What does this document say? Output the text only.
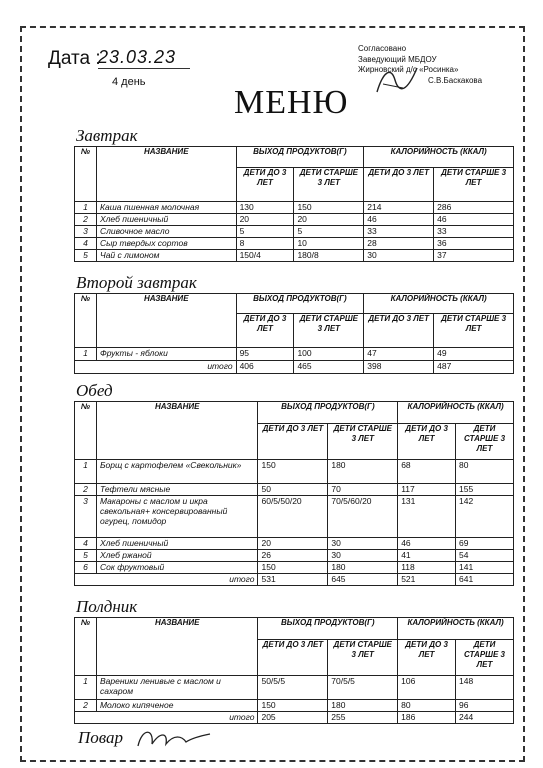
Дата :
23.03.23
4 день
Согласовано
Заведующий МБДОУ
Жирновский д/с «Росинка»
С.В.Баскакова
МЕНЮ
Завтрак
№	НАЗВАНИЕ	ВЫХОД ПРОДУКТОВ(Г)		КАЛОРИЙНОСТЬ (ККАЛ)	
		ДЕТИ ДО 3 ЛЕТ	ДЕТИ СТАРШЕ 3 ЛЕТ	ДЕТИ ДО 3 ЛЕТ	ДЕТИ СТАРШЕ 3 ЛЕТ
1	Каша пшенная молочная	130	150	214	286
2	Хлеб пшеничный	20	20	46	46
3	Сливочное масло	5	5	33	33
4	Сыр твердых сортов	8	10	28	36
5	Чай с лимоном	150/4	180/8	30	37
Второй завтрак
№	НАЗВАНИЕ	ВЫХОД ПРОДУКТОВ(Г)		КАЛОРИЙНОСТЬ (ККАЛ)	
		ДЕТИ ДО 3 ЛЕТ	ДЕТИ СТАРШЕ 3 ЛЕТ	ДЕТИ ДО 3 ЛЕТ	ДЕТИ СТАРШЕ 3 ЛЕТ
1	Фрукты - яблоки	95	100	47	49
итого		406	465	398	487
Обед
№	НАЗВАНИЕ	ВЫХОД ПРОДУКТОВ(Г)		КАЛОРИЙНОСТЬ (ККАЛ)	
		ДЕТИ ДО 3 ЛЕТ	ДЕТИ СТАРШЕ 3 ЛЕТ	ДЕТИ ДО 3 ЛЕТ	ДЕТИ СТАРШЕ 3 ЛЕТ
1	Борщ с картофелем «Свекольник»	150	180	68	80
2	Тефтели мясные	50	70	117	155
3	Макароны с маслом и икра свекольная+ консервированный огурец, помидор	60/5/50/20	70/5/60/20	131	142
4	Хлеб пшеничный	20	30	46	69
5	Хлеб ржаной	26	30	41	54
6	Сок фруктовый	150	180	118	141
итого		531	645	521	641
Полдник
№	НАЗВАНИЕ	ВЫХОД ПРОДУКТОВ(Г)		КАЛОРИЙНОСТЬ (ККАЛ)	
		ДЕТИ ДО 3 ЛЕТ	ДЕТИ СТАРШЕ 3 ЛЕТ	ДЕТИ ДО 3 ЛЕТ	ДЕТИ СТАРШЕ 3 ЛЕТ
1	Вареники ленивые с маслом и сахаром	50/5/5	70/5/5	106	148
2	Молоко кипяченое	150	180	80	96
итого		205	255	186	244
Повар
